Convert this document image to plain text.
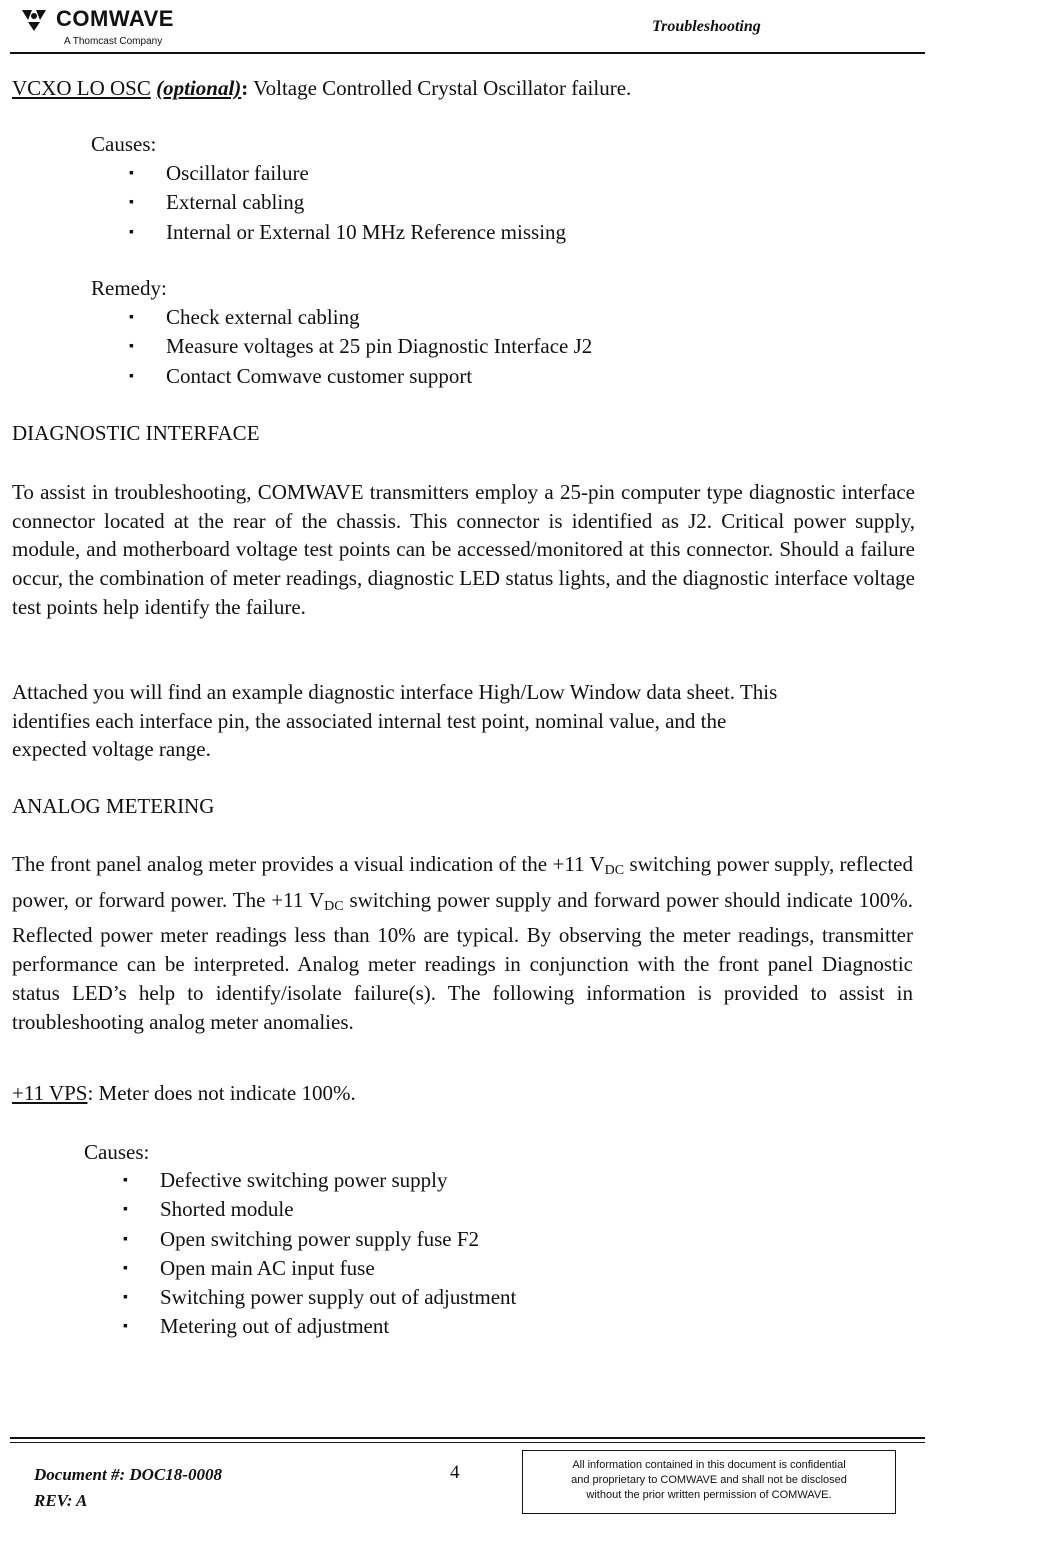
COMWAVE
A Thomcast Company
Troubleshooting
VCXO LO OSC (optional): Voltage Controlled Crystal Oscillator failure.
Causes:
▪ Oscillator failure
▪ External cabling
▪ Internal or External 10 MHz Reference missing
Remedy:
▪ Check external cabling
▪ Measure voltages at 25 pin Diagnostic Interface J2
▪ Contact Comwave customer support
DIAGNOSTIC INTERFACE
To assist in troubleshooting, COMWAVE transmitters employ a 25-pin computer type diagnostic interface connector located at the rear of the chassis. This connector is identified as J2. Critical power supply, module, and motherboard voltage test points can be accessed/monitored at this connector. Should a failure occur, the combination of meter readings, diagnostic LED status lights, and the diagnostic interface voltage test points help identify the failure.
Attached you will find an example diagnostic interface High/Low Window data sheet. This
identifies each interface pin, the associated internal test point, nominal value, and the
expected voltage range.
ANALOG METERING
The front panel analog meter provides a visual indication of the +11 $V_{DC}$ switching power supply, reflected power, or forward power. The +11 $V_{DC}$ switching power supply and forward power should indicate 100%. Reflected power meter readings less than 10% are typical. By observing the meter readings, transmitter performance can be interpreted. Analog meter readings in conjunction with the front panel Diagnostic status LED’s help to identify/isolate failure(s). The following information is provided to assist in troubleshooting analog meter anomalies.
+11 VPS: Meter does not indicate 100%.
Causes:
▪ Defective switching power supply
▪ Shorted module
▪ Open switching power supply fuse F2
▪ Open main AC input fuse
▪ Switching power supply out of adjustment
▪ Metering out of adjustment
Document #: DOC18-0008
REV: A
4	All information contained in this document is confidential
and proprietary to COMWAVE and shall not be disclosed
without the prior written permission of COMWAVE.
